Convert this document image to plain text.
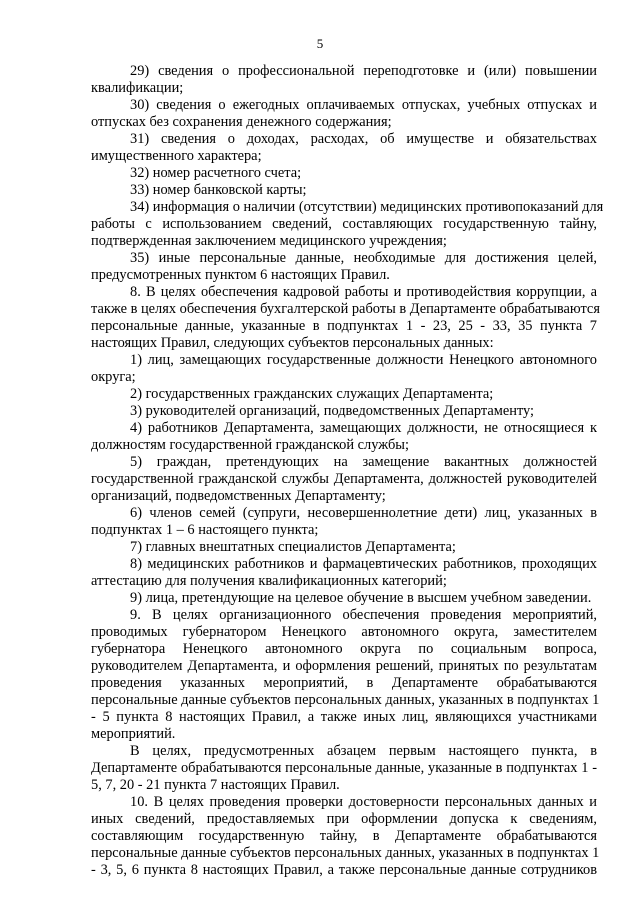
5
29) сведения о профессиональной переподготовке и (или) повышении
квалификации;
30) сведения о ежегодных оплачиваемых отпусках, учебных отпусках и
отпусках без сохранения денежного содержания;
31) сведения о доходах, расходах, об имуществе и обязательствах
имущественного характера;
32) номер расчетного счета;
33) номер банковской карты;
34) информация о наличии (отсутствии) медицинских противопоказаний для
работы с использованием сведений, составляющих государственную тайну,
подтвержденная заключением медицинского учреждения;
35) иные персональные данные, необходимые для достижения целей,
предусмотренных пунктом 6 настоящих Правил.
8. В целях обеспечения кадровой работы и противодействия коррупции, а
также в целях обеспечения бухгалтерской работы в Департаменте обрабатываются
персональные данные, указанные в подпунктах 1 - 23, 25 - 33, 35 пункта 7
настоящих Правил, следующих субъектов персональных данных:
1) лиц, замещающих государственные должности Ненецкого автономного
округа;
2) государственных гражданских служащих Департамента;
3) руководителей организаций, подведомственных Департаменту;
4) работников Департамента, замещающих должности, не относящиеся к
должностям государственной гражданской службы;
5) граждан, претендующих на замещение вакантных должностей
государственной гражданской службы Департамента, должностей руководителей
организаций, подведомственных Департаменту;
6) членов семей (супруги, несовершеннолетние дети) лиц, указанных в
подпунктах 1 – 6 настоящего пункта;
7) главных внештатных специалистов Департамента;
8) медицинских работников и фармацевтических работников, проходящих
аттестацию для получения квалификационных категорий;
9) лица, претендующие на целевое обучение в высшем учебном заведении.
9. В целях организационного обеспечения проведения мероприятий,
проводимых губернатором Ненецкого автономного округа, заместителем
губернатора Ненецкого автономного округа по социальным вопроса,
руководителем Департамента, и оформления решений, принятых по результатам
проведения указанных мероприятий, в Департаменте обрабатываются
персональные данные субъектов персональных данных, указанных в подпунктах 1
- 5 пункта 8 настоящих Правил, а также иных лиц, являющихся участниками
мероприятий.
В целях, предусмотренных абзацем первым настоящего пункта, в
Департаменте обрабатываются персональные данные, указанные в подпунктах 1 -
5, 7, 20 - 21 пункта 7 настоящих Правил.
10. В целях проведения проверки достоверности персональных данных и
иных сведений, предоставляемых при оформлении допуска к сведениям,
составляющим государственную тайну, в Департаменте обрабатываются
персональные данные субъектов персональных данных, указанных в подпунктах 1
- 3, 5, 6 пункта 8 настоящих Правил, а также персональные данные сотрудников
